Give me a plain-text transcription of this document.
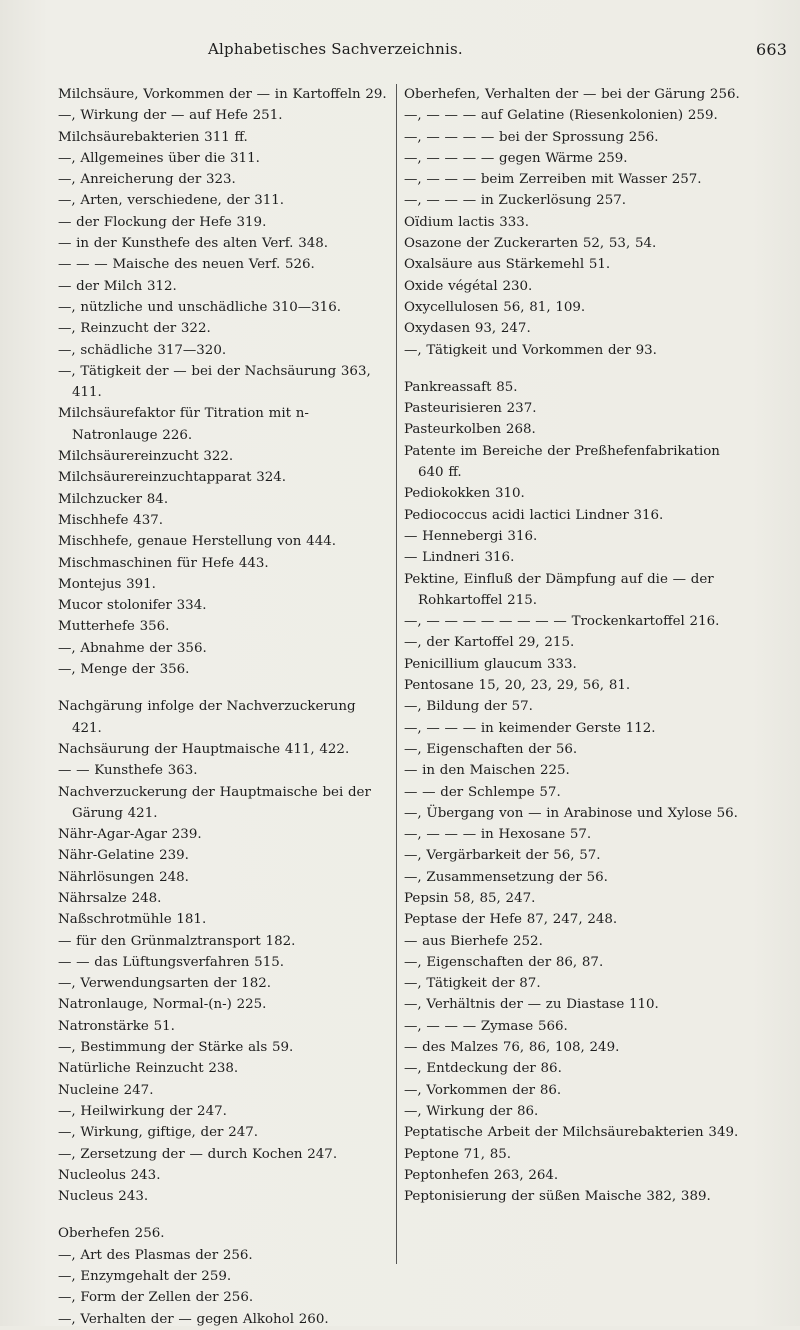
Alphabetisches Sachverzeichnis.	663
Milchsäure, Vorkommen der — in Kartoffeln 29.
—, Wirkung der — auf Hefe 251.
Milchsäurebakterien 311 ff.
—, Allgemeines über die 311.
—, Anreicherung der 323.
—, Arten, verschiedene, der 311.
— der Flockung der Hefe 319.
— in der Kunsthefe des alten Verf. 348.
— — — Maische des neuen Verf. 526.
— der Milch 312.
—, nützliche und unschädliche 310—316.
—, Reinzucht der 322.
—, schädliche 317—320.
—, Tätigkeit der — bei der Nachsäurung 363, 411.
Milchsäurefaktor für Titration mit n-Natronlauge 226.
Milchsäurereinzucht 322.
Milchsäurereinzuchtapparat 324.
Milchzucker 84.
Mischhefe 437.
Mischhefe, genaue Herstellung von 444.
Mischmaschinen für Hefe 443.
Montejus 391.
Mucor stolonifer 334.
Mutterhefe 356.
—, Abnahme der 356.
—, Menge der 356.
Nachgärung infolge der Nachverzuckerung 421.
Nachsäurung der Hauptmaische 411, 422.
— — Kunsthefe 363.
Nachverzuckerung der Hauptmaische bei der Gärung 421.
Nähr-Agar-Agar 239.
Nähr-Gelatine 239.
Nährlösungen 248.
Nährsalze 248.
Naßschrotmühle 181.
— für den Grünmalztransport 182.
— — das Lüftungsverfahren 515.
—, Verwendungsarten der 182.
Natronlauge, Normal-(n-) 225.
Natronstärke 51.
—, Bestimmung der Stärke als 59.
Natürliche Reinzucht 238.
Nucleine 247.
—, Heilwirkung der 247.
—, Wirkung, giftige, der 247.
—, Zersetzung der — durch Kochen 247.
Nucleolus 243.
Nucleus 243.
Oberhefen 256.
—, Art des Plasmas der 256.
—, Enzymgehalt der 259.
—, Form der Zellen der 256.
—, Verhalten der — gegen Alkohol 260.
Oberhefen, Verhalten der — bei der Gärung 256.
—, — — — auf Gelatine (Riesenkolonien) 259.
—, — — — — bei der Sprossung 256.
—, — — — — gegen Wärme 259.
—, — — — beim Zerreiben mit Wasser 257.
—, — — — in Zuckerlösung 257.
Oïdium lactis 333.
Osazone der Zuckerarten 52, 53, 54.
Oxalsäure aus Stärkemehl 51.
Oxide végétal 230.
Oxycellulosen 56, 81, 109.
Oxydasen 93, 247.
—, Tätigkeit und Vorkommen der 93.
Pankreassaft 85.
Pasteurisieren 237.
Pasteurkolben 268.
Patente im Bereiche der Preßhefenfabrikation 640 ff.
Pediokokken 310.
Pediococcus acidi lactici Lindner 316.
— Hennebergi 316.
— Lindneri 316.
Pektine, Einfluß der Dämpfung auf die — der Rohkartoffel 215.
—, — — — — — — — — Trockenkartoffel 216.
—, der Kartoffel 29, 215.
Penicillium glaucum 333.
Pentosane 15, 20, 23, 29, 56, 81.
—, Bildung der 57.
—, — — — in keimender Gerste 112.
—, Eigenschaften der 56.
— in den Maischen 225.
— — der Schlempe 57.
—, Übergang von — in Arabinose und Xylose 56.
—, — — — in Hexosane 57.
—, Vergärbarkeit der 56, 57.
—, Zusammensetzung der 56.
Pepsin 58, 85, 247.
Peptase der Hefe 87, 247, 248.
— aus Bierhefe 252.
—, Eigenschaften der 86, 87.
—, Tätigkeit der 87.
—, Verhältnis der — zu Diastase 110.
—, — — — Zymase 566.
— des Malzes 76, 86, 108, 249.
—, Entdeckung der 86.
—, Vorkommen der 86.
—, Wirkung der 86.
Peptatische Arbeit der Milchsäurebakterien 349.
Peptone 71, 85.
Peptonhefen 263, 264.
Peptonisierung der süßen Maische 382, 389.
